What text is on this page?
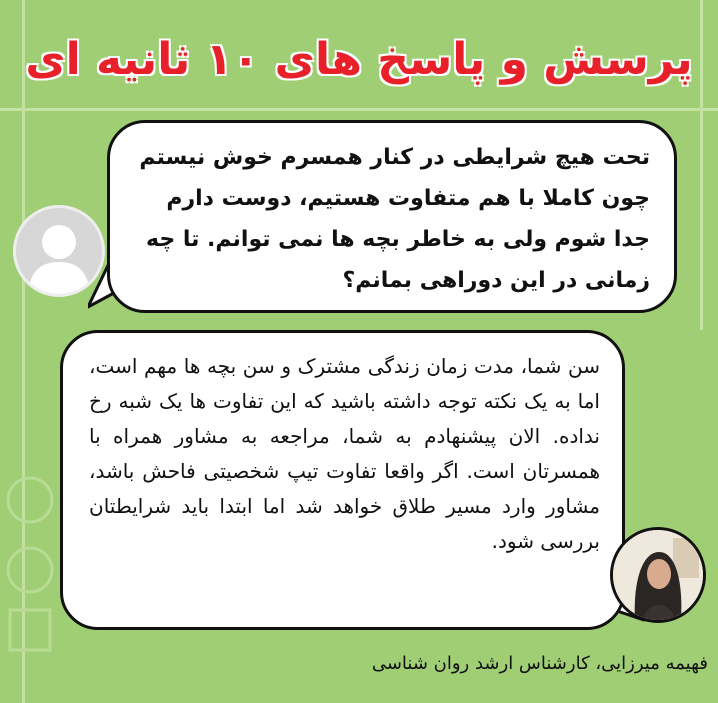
پرسش و پاسخ های ۱۰ ثانیه ای
تحت هیچ شرایطی در کنار همسرم خوش نیستم چون کاملا با هم متفاوت هستیم، دوست دارم جدا شوم ولی به خاطر بچه ها نمی توانم. تا چه زمانی در این دوراهی بمانم؟
سن شما، مدت زمان زندگی مشترک و سن بچه ها مهم است، اما به یک نکته توجه داشته باشید که این تفاوت ها یک شبه رخ نداده. الان پیشنهادم به شما، مراجعه به مشاور همراه با همسرتان است. اگر واقعا تفاوت تیپ شخصیتی فاحش باشد، مشاور وارد مسیر طلاق خواهد شد اما ابتدا باید شرایطتان بررسی شود.
فهیمه میرزایی، کارشناس ارشد روان شناسی
